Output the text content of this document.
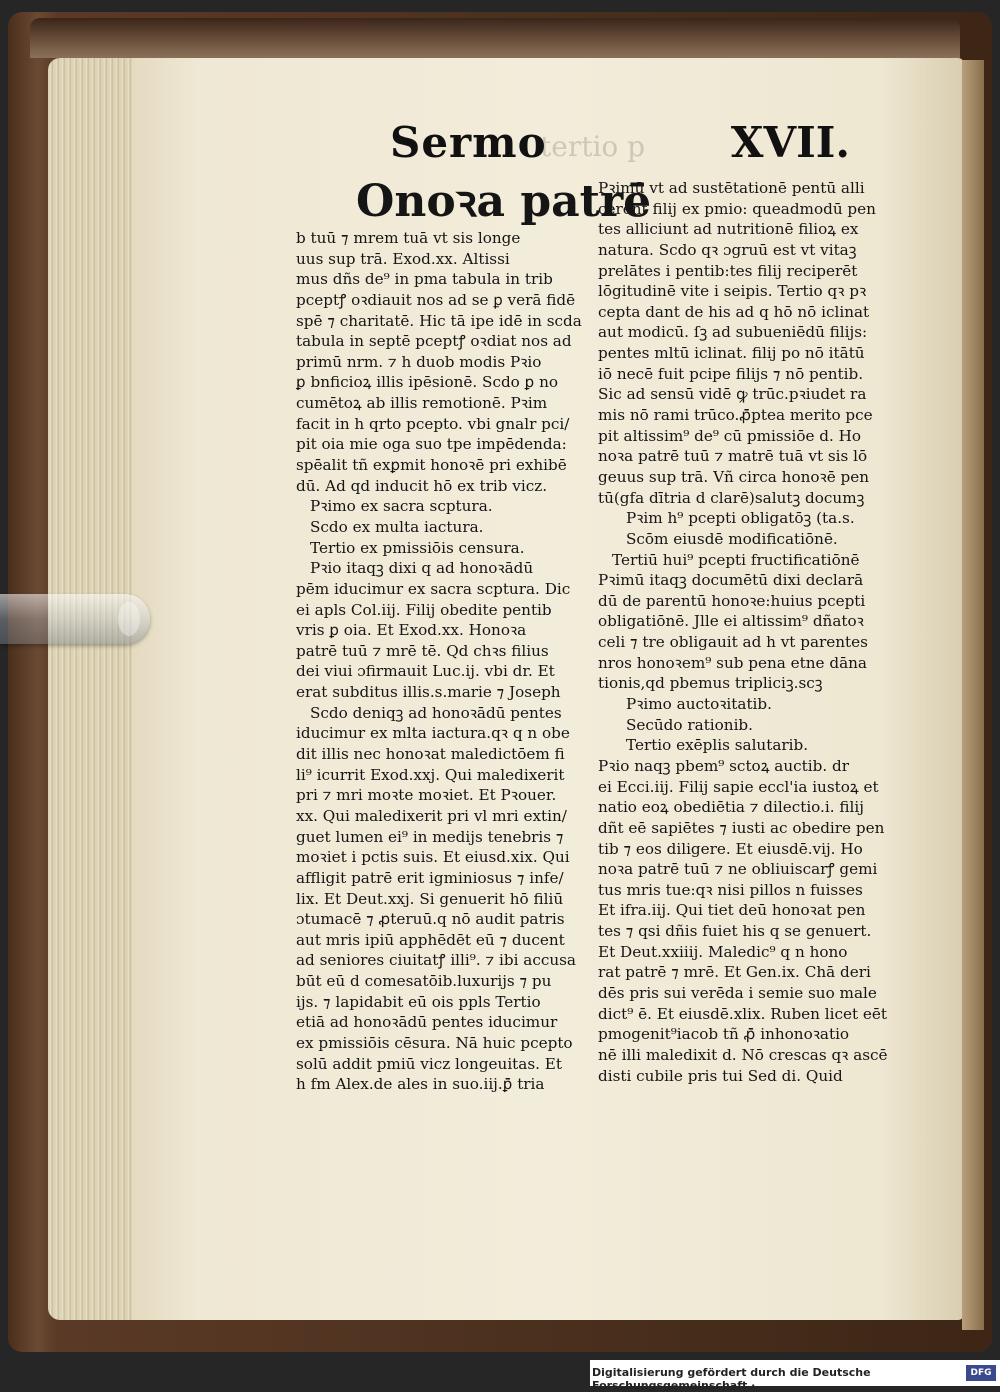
tertio p
Sermo	XVII.
Onoꝛa patrē
b tuū ⁊ mrem tuā vt sis longe
uus sup trā. Exod.xx. Altissi
mus dñs de⁹ in pma tabula in trib
pceptꝭ oꝛdiauit nos ad se ꝑ verā fidē
spē ⁊ charitatē. Hic tā ipe idē in scda
tabula in septē pceptꝭ oꝛdiat nos ad
primū nrm. ⁊ h duob modis Pꝛio
ꝑ bnficioꝝ illis ipēsionē. Scdo ꝑ no
cumētoꝝ ab illis remotionē. Pꝛim
facit in h qrto pcepto. vbi gnalr pci/
pit oia mie oga suo tpe impēdenda:
spēalit tñ exꝑmit honoꝛē pri exhibē
dū. Ad qd inducit hō ex trib vicz.
Pꝛimo ex sacra scptura.
Scdo ex multa iactura.
Tertio ex pmissiōis censura.
Pꝛio itaqꝫ dixi q ad honoꝛādū
pēm iducimur ex sacra scptura. Dic
ei apls Col.iij. Filij obedite pentib
vris ꝑ oia. Et Exod.xx. Honoꝛa
patrē tuū ⁊ mrē tē. Qd chꝛs filius
dei viui ɔfirmauit Luc.ij. vbi dr. Et
erat subditus illis.s.marie ⁊ Joseph
Scdo deniqꝫ ad honoꝛādū pentes
iducimur ex mlta iactura.qꝛ q n obe
dit illis nec honoꝛat maledictōem fi
li⁹ icurrit Exod.xxj. Qui maledixerit
pri ⁊ mri moꝛte moꝛiet. Et Pꝛouer.
xx. Qui maledixerit pri vl mri extin/
guet lumen ei⁹ in medijs tenebris ⁊
moꝛiet i pctis suis. Et eiusd.xix. Qui
affligit patrē erit igminiosus ⁊ infe/
lix. Et Deut.xxj. Si genuerit hō filiū
ɔtumacē ⁊ ꝓteruū.q nō audit patris
aut mris ipiū apphēdēt eū ⁊ ducent
ad seniores ciuitatꝭ illi⁹. ⁊ ibi accusa
būt eū d comesatōib.luxurijs ⁊ pu
ijs. ⁊ lapidabit eū ois ppls Tertio
etiā ad honoꝛādū pentes iducimur
ex pmissiōis cēsura. Nā huic pcepto
solū addit pmiū vicz longeuitas. Et
h fm Alex.de ales in suo.iij.ꝑ̄ tria
Pꝛimū vt ad sustētationē pentū alli
cerent filij ex pmio: queadmodū pen
tes alliciunt ad nutritionē filioꝝ ex
natura. Scdo qꝛ ɔgruū est vt vitaꝫ
prelātes i pentib:tes filij reciperēt
lōgitudinē vite i seipis. Tertio qꝛ pꝛ
cepta dant de his ad q hō nō iclinat
aut modicū. ſꝫ ad subueniēdū filijs:
pentes mltū iclinat. filij po nō itātū
iō necē fuit pcipe filijs ⁊ nō pentib.
Sic ad sensū vidē ꝙ trūc.pꝛiudet ra
mis nō rami trūco.ꝓ̄ptea merito pce
pit altissim⁹ de⁹ cū pmissiōe d. Ho
noꝛa patrē tuū ⁊ matrē tuā vt sis lō
geuus sup trā. Vñ circa honoꝛē pen
tū(gfa dītria d clarē)salutꝫ documꝫ
Pꝛim h⁹ pcepti obligatōꝫ (ta.s.
Scōm eiusdē modificatiōnē.
Tertiū hui⁹ pcepti fructificatiōnē
Pꝛimū itaqꝫ documētū dixi declarā
dū de parentū honoꝛe:huius pcepti
obligatiōnē. Jlle ei altissim⁹ dñatoꝛ
celi ⁊ tre obligauit ad h vt parentes
nros honoꝛem⁹ sub pena etne dāna
tionis,qd pbemus tripliciꝫ.scꝫ
Pꝛimo auctoꝛitatib.
Secūdo rationib.
Tertio exēplis salutarib.
Pꝛio naqꝫ pbem⁹ sctoꝝ auctib. dr
ei Ecci.iij. Filij sapie eccl'ia iustoꝝ et
natio eoꝝ obediētia ⁊ dilectio.i. filij
dñt eē sapiētes ⁊ iusti ac obedire pen
tib ⁊ eos diligere. Et eiusdē.vij. Ho
noꝛa patrē tuū ⁊ ne obliuiscarꝭ gemi
tus mris tue:qꝛ nisi pillos n fuisses
Et ifra.iij. Qui tiet deū honoꝛat pen
tes ⁊ qsi dñis fuiet his q se genuert.
Et Deut.xxiiij. Maledic⁹ q n hono
rat patrē ⁊ mrē. Et Gen.ix. Chā deri
dēs pris sui verēda i semie suo male
dict⁹ ē. Et eiusdē.xlix. Ruben licet eēt
pmogenit⁹iacob tñ ꝓ̄ inhonoꝛatio
nē illi maledixit d. Nō crescas qꝛ ascē
disti cubile pris tui Sed di. Quid
Digitalisierung gefördert durch die Deutsche Forschungsgemeinschaft ·
DFG
